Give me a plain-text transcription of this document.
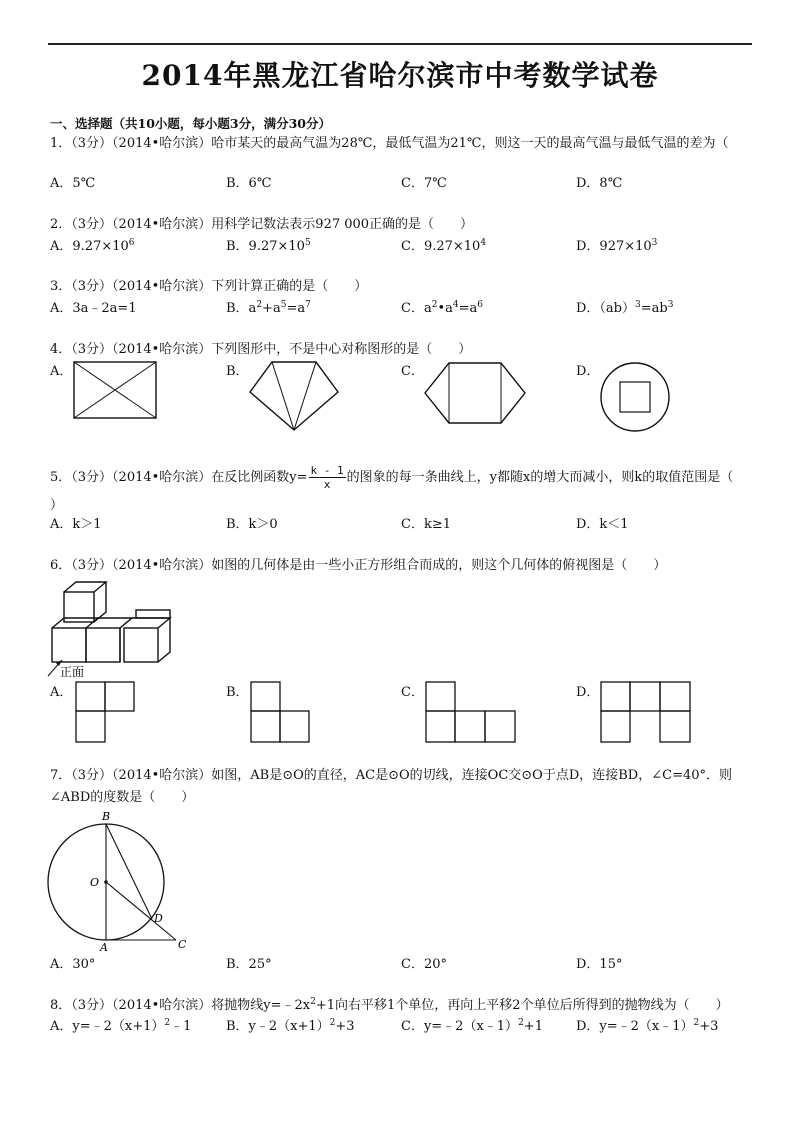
2014年黑龙江省哈尔滨市中考数学试卷
一、选择题（共10小题，每小题3分，满分30分）
1．（3分）（2014•哈尔滨）哈市某天的最高气温为28℃，最低气温为21℃，则这一天的最高气温与最低气温的差为（
A．5℃	B．6℃	C．7℃	D．8℃
2．（3分）（2014•哈尔滨）用科学记数法表示927 000正确的是（　　）
A．$9.27\times 10^6$	B．$9.27\times 10^5$	C．$9.27\times 10^4$	D．$927\times 10^3$
3．（3分）（2014•哈尔滨）下列计算正确的是（　　）
A．3a﹣2a=1	B．$a^2+a^5=a^7$	C．$a^2•a^4=a^6$	D．$(ab)^3=ab^3$
4．（3分）（2014•哈尔滨）下列图形中，不是中心对称图形的是（　　）
A．	B．	C．	D．
5．（3分）（2014•哈尔滨）在反比例函数$y= \frac{k - 1}{x}$ 的图象的每一条曲线上，y都随x的增大而减小，则k的取值范围是（
）
A．k＞1	B．k＞0	C．k≥1	D．k＜1
6．（3分）（2014•哈尔滨）如图的几何体是由一些小正方形组合而成的，则这个几何体的俯视图是（　　）
正面
A．	B．	C．	D．
7．（3分）（2014•哈尔滨）如图，AB是⊙O的直径，AC是⊙O的切线，连接OC交⊙O于点D，连接BD，∠C=40°．则
∠ABD的度数是（　　）
B
O
D
A	C
A．30°	B．25°	C．20°	D．15°
8．（3分）（2014•哈尔滨）将抛物线$y=﹣2x^2+1$向右平移1个单位，再向上平移2个单位后所得到的抛物线为（　　）
A．$y=﹣2(x+1)^2﹣1$	B．$y﹣2(x+1)^2+3$	C．y=﹣2（x﹣1）$^2$+1	D．y=﹣2（x﹣1）$^2$+3
